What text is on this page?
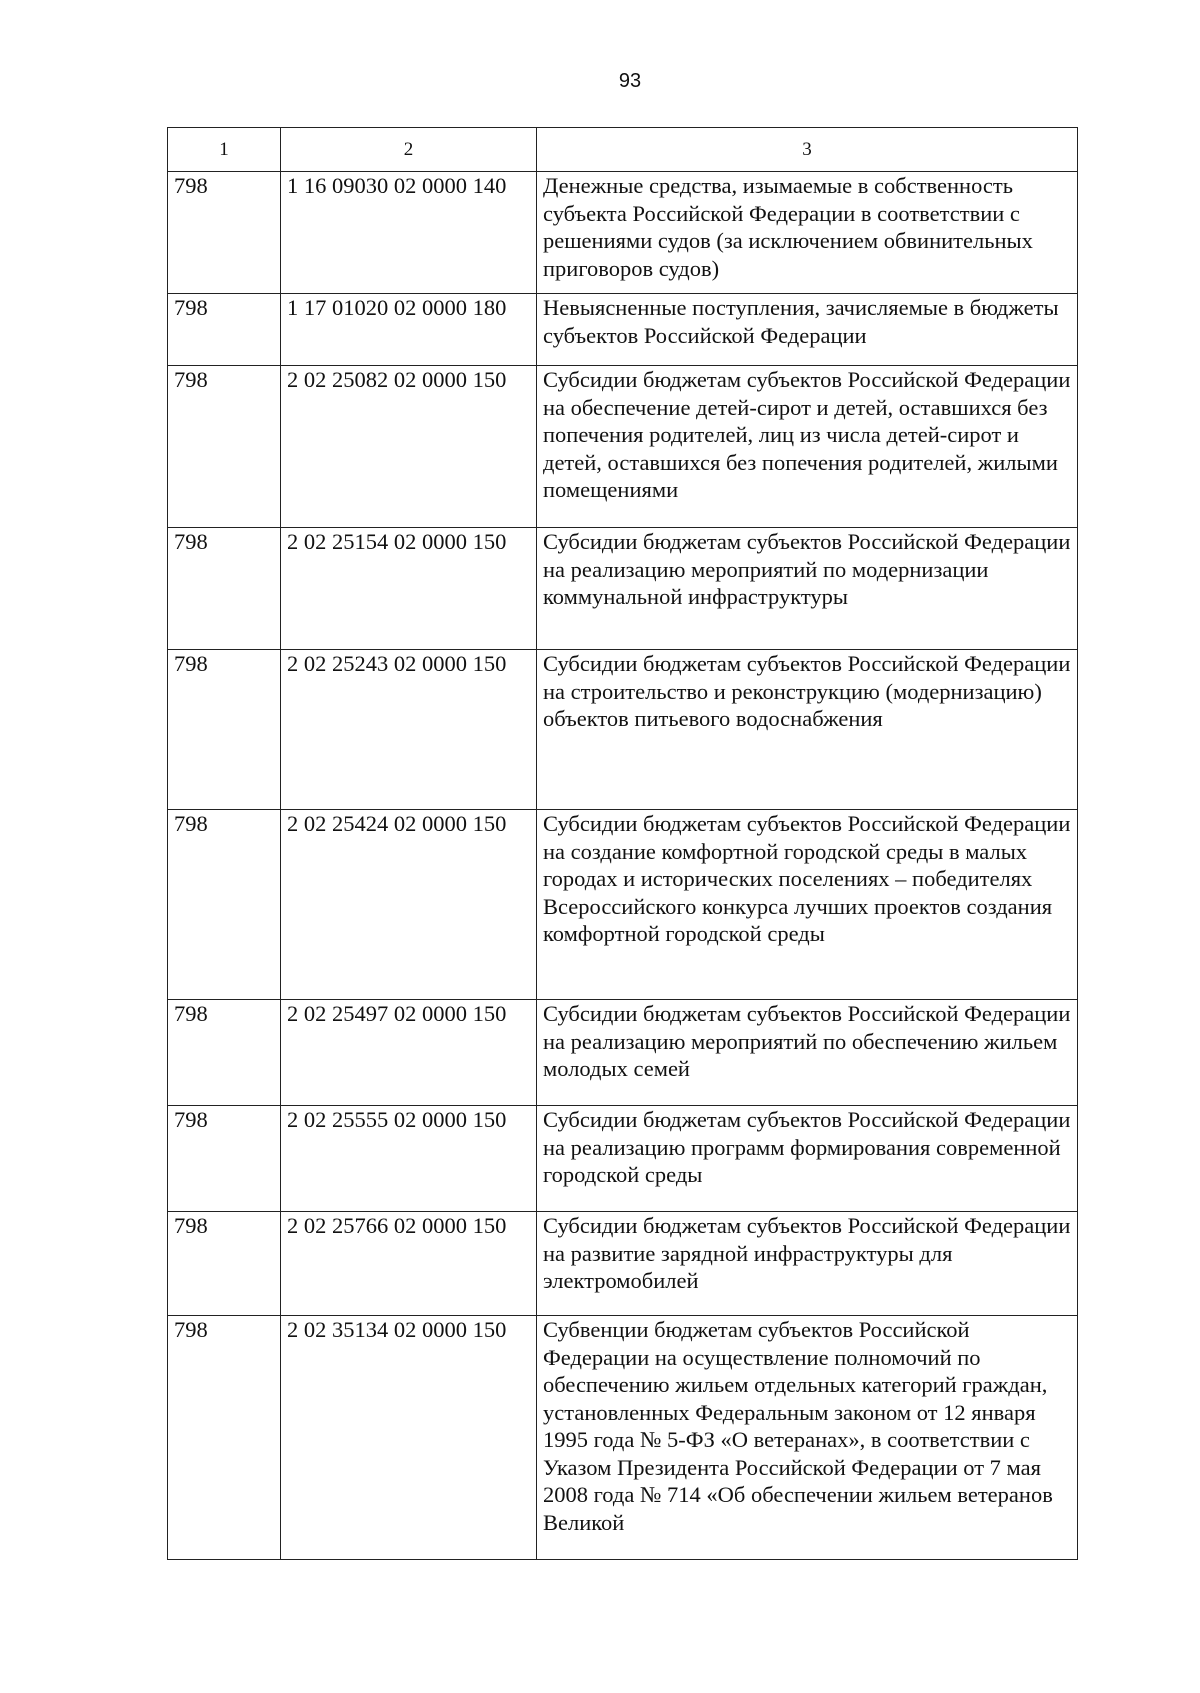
93
1	2	3
798	1 16 09030 02 0000 140	Денежные средства, изымаемые в собственность субъекта Российской Федерации в соответствии с решениями судов (за исключением обвинительных приговоров судов)
798	1 17 01020 02 0000 180	Невыясненные поступления, зачисляемые в бюджеты субъектов Российской Федерации
798	2 02 25082 02 0000 150	Субсидии бюджетам субъектов Российской Федерации на обеспечение детей-сирот и детей, оставшихся без попечения родителей, лиц из числа детей-сирот и детей, оставшихся без попечения родителей, жилыми помещениями
798	2 02 25154 02 0000 150	Субсидии бюджетам субъектов Российской Федерации на реализацию мероприятий по модернизации коммунальной инфраструктуры
798	2 02 25243 02 0000 150	Субсидии бюджетам субъектов Российской Федерации на строительство и реконструкцию (модернизацию) объектов питьевого водоснабжения
798	2 02 25424 02 0000 150	Субсидии бюджетам субъектов Российской Федерации на создание комфортной городской среды в малых городах и исторических поселениях – победителях Всероссийского конкурса лучших проектов создания комфортной городской среды
798	2 02 25497 02 0000 150	Субсидии бюджетам субъектов Российской Федерации на реализацию мероприятий по обеспечению жильем молодых семей
798	2 02 25555 02 0000 150	Субсидии бюджетам субъектов Российской Федерации на реализацию программ формирования современной городской среды
798	2 02 25766 02 0000 150	Субсидии бюджетам субъектов Российской Федерации на развитие зарядной инфраструктуры для электромобилей
798	2 02 35134 02 0000 150	Субвенции бюджетам субъектов Российской Федерации на осуществление полномочий по обеспечению жильем отдельных категорий граждан, установленных Федеральным законом от 12 января 1995 года № 5-ФЗ «О ветеранах», в соответствии с Указом Президента Российской Федерации от 7 мая 2008 года № 714 «Об обеспечении жильем ветеранов Великой
